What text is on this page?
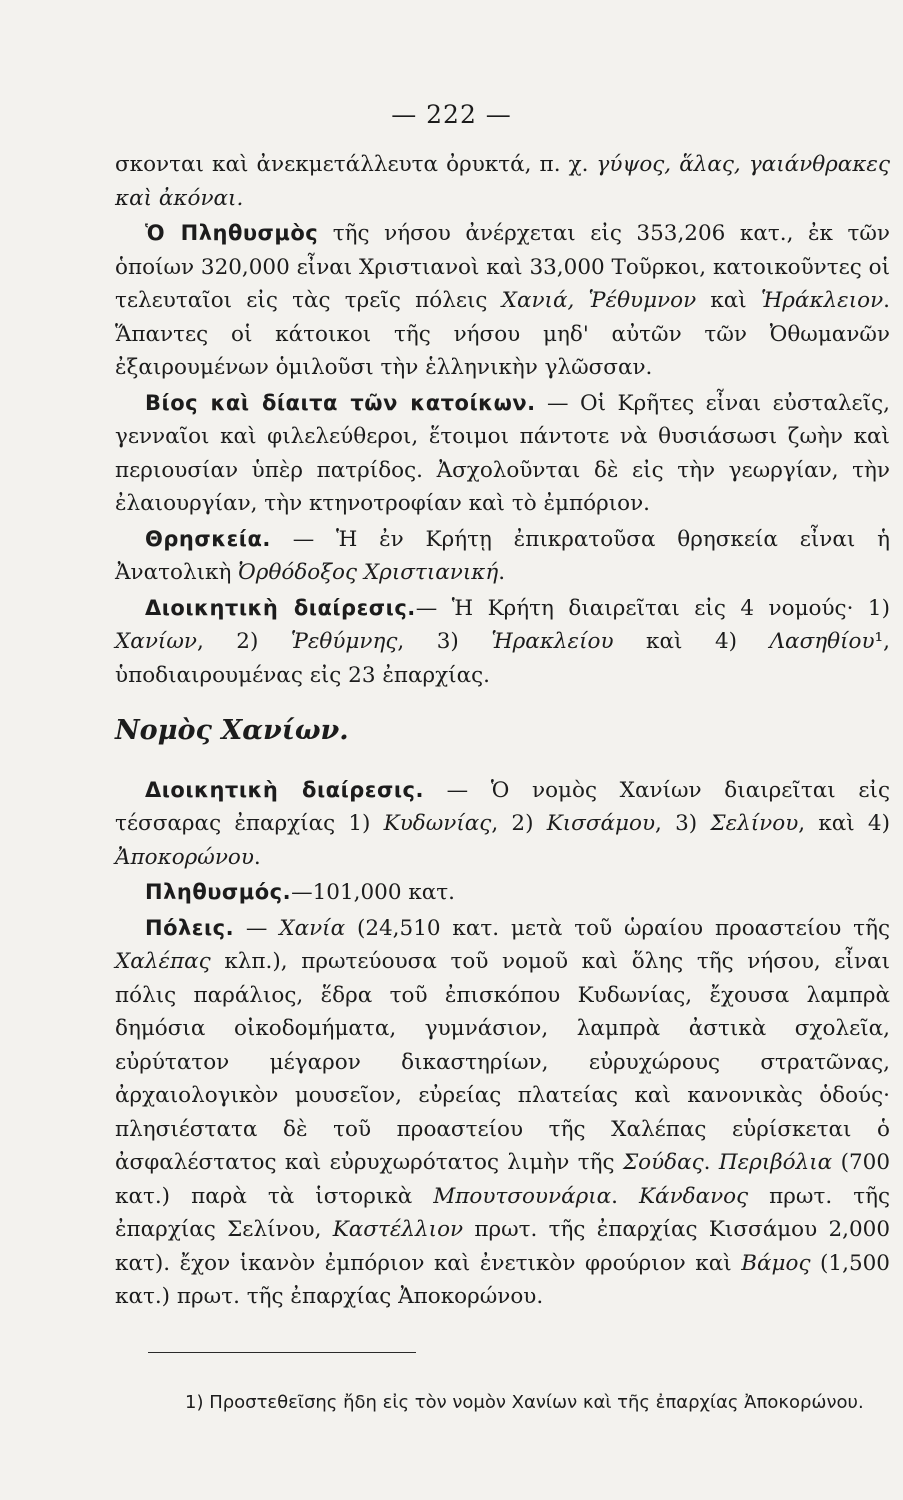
— 222 —

σκονται καὶ ἀνεκμετάλλευτα ὀρυκτά, π. χ. γύψος, ἅλας, γαιάνθρακες καὶ ἀκόναι.

Ὁ Πληθυσμὸς τῆς νήσου ἀνέρχεται εἰς 353,206 κατ., ἐκ τῶν ὁποίων 320,000 εἶναι Χριστιανοὶ καὶ 33,000 Τοῦρκοι, κατοικοῦντες οἱ τελευταῖοι εἰς τὰς τρεῖς πόλεις Χανιά, Ῥέθυμνον καὶ Ἡράκλειον. Ἅπαντες οἱ κάτοικοι τῆς νήσου μηδ' αὐτῶν τῶν Ὀθωμανῶν ἐξαιρουμένων ὁμιλοῦσι τὴν ἑλληνικὴν γλῶσσαν.

Βίος καὶ δίαιτα τῶν κατοίκων. — Οἱ Κρῆτες εἶναι εὐσταλεῖς, γενναῖοι καὶ φιλελεύθεροι, ἕτοιμοι πάντοτε νὰ θυσιάσωσι ζωὴν καὶ περιουσίαν ὑπὲρ πατρίδος. Ἀσχολοῦνται δὲ εἰς τὴν γεωργίαν, τὴν ἐλαιουργίαν, τὴν κτηνοτροφίαν καὶ τὸ ἐμπόριον.

Θρησκεία. — Ἡ ἐν Κρήτῃ ἐπικρατοῦσα θρησκεία εἶναι ἡ Ἀνατολικὴ Ὀρθόδοξος Χριστιανική.

Διοικητικὴ διαίρεσις.— Ἡ Κρήτη διαιρεῖται εἰς 4 νομούς· 1) Χανίων, 2) Ῥεθύμνης, 3) Ἡρακλείου καὶ 4) Λασηθίου¹, ὑποδιαιρουμένας εἰς 23 ἐπαρχίας.

Νομὸς Χανίων.

Διοικητικὴ διαίρεσις. — Ὁ νομὸς Χανίων διαιρεῖται εἰς τέσσαρας ἐπαρχίας 1) Κυδωνίας, 2) Κισσάμου, 3) Σελίνου, καὶ 4) Ἀποκορώνου.

Πληθυσμός.—101,000 κατ.

Πόλεις. — Χανία (24,510 κατ. μετὰ τοῦ ὡραίου προαστείου τῆς Χαλέπας κλπ.), πρωτεύουσα τοῦ νομοῦ καὶ ὅλης τῆς νήσου, εἶναι πόλις παράλιος, ἕδρα τοῦ ἐπισκόπου Κυδωνίας, ἔχουσα λαμπρὰ δημόσια οἰκοδομήματα, γυμνάσιον, λαμπρὰ ἀστικὰ σχολεῖα, εὐρύτατον μέγαρον δικαστηρίων, εὐρυχώρους στρατῶνας, ἀρχαιολογικὸν μουσεῖον, εὐρείας πλατείας καὶ κανονικὰς ὁδούς· πλησιέστατα δὲ τοῦ προαστείου τῆς Χαλέπας εὑρίσκεται ὁ ἀσφαλέστατος καὶ εὐρυχωρότατος λιμὴν τῆς Σούδας. Περιβόλια (700 κατ.) παρὰ τὰ ἱστορικὰ Μπουτσουνάρια. Κάνδανος πρωτ. τῆς ἐπαρχίας Σελίνου, Καστέλλιον πρωτ. τῆς ἐπαρχίας Κισσάμου 2,000 κατ). ἔχον ἱκανὸν ἐμπόριον καὶ ἐνετικὸν φρούριον καὶ Βάμος (1,500 κατ.) πρωτ. τῆς ἐπαρχίας Ἀποκορώνου.

1) Προστεθεῖσης ἤδη εἰς τὸν νομὸν Χανίων καὶ τῆς ἐπαρχίας Ἀποκορώνου.
